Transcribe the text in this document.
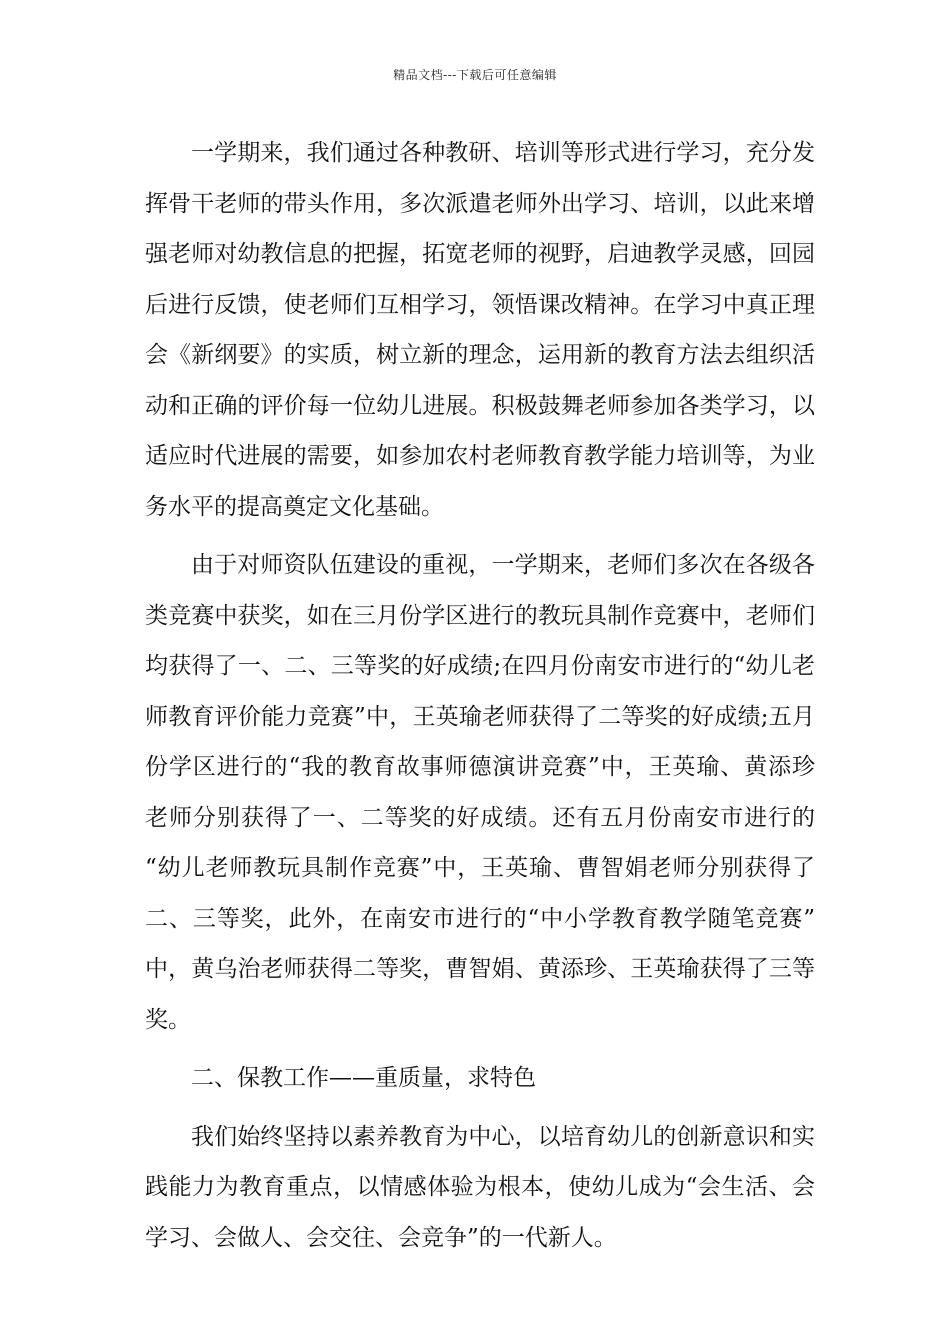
精品文档---下载后可任意编辑
一学期来，我们通过各种教研、培训等形式进行学习，充分发
挥骨干老师的带头作用，多次派遣老师外出学习、培训，以此来增
强老师对幼教信息的把握，拓宽老师的视野，启迪教学灵感，回园
后进行反馈，使老师们互相学习，领悟课改精神。在学习中真正理
会《新纲要》的实质，树立新的理念，运用新的教育方法去组织活
动和正确的评价每一位幼儿进展。积极鼓舞老师参加各类学习，以
适应时代进展的需要，如参加农村老师教育教学能力培训等，为业
务水平的提高奠定文化基础。
由于对师资队伍建设的重视，一学期来，老师们多次在各级各
类竞赛中获奖，如在三月份学区进行的教玩具制作竞赛中，老师们
均获得了一、二、三等奖的好成绩;在四月份南安市进行的“幼儿老
师教育评价能力竞赛”中，王英瑜老师获得了二等奖的好成绩;五月
份学区进行的“我的教育故事师德演讲竞赛”中，王英瑜、黄添珍
老师分别获得了一、二等奖的好成绩。还有五月份南安市进行的
“幼儿老师教玩具制作竞赛”中，王英瑜、曹智娟老师分别获得了
二、三等奖，此外，在南安市进行的“中小学教育教学随笔竞赛”
中，黄乌治老师获得二等奖，曹智娟、黄添珍、王英瑜获得了三等
奖。
二、保教工作——重质量，求特色
我们始终坚持以素养教育为中心，以培育幼儿的创新意识和实
践能力为教育重点，以情感体验为根本，使幼儿成为“会生活、会
学习、会做人、会交往、会竞争”的一代新人。
